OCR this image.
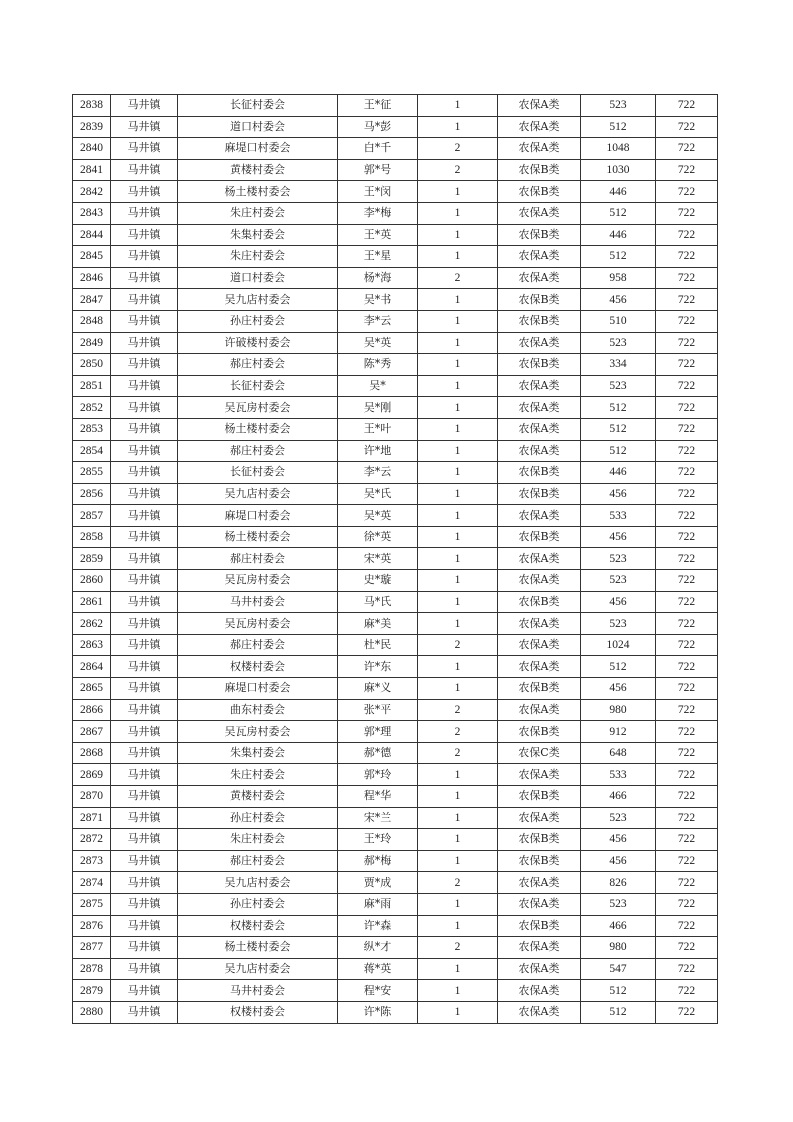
2838	马井镇	长征村委会	王*征	1	农保A类	523	722
2839	马井镇	道口村委会	马*彭	1	农保A类	512	722
2840	马井镇	麻堤口村委会	白*千	2	农保A类	1048	722
2841	马井镇	黄楼村委会	郭*号	2	农保B类	1030	722
2842	马井镇	杨土楼村委会	王*闵	1	农保B类	446	722
2843	马井镇	朱庄村委会	李*梅	1	农保A类	512	722
2844	马井镇	朱集村委会	王*英	1	农保B类	446	722
2845	马井镇	朱庄村委会	王*星	1	农保A类	512	722
2846	马井镇	道口村委会	杨*海	2	农保A类	958	722
2847	马井镇	吴九店村委会	吴*书	1	农保B类	456	722
2848	马井镇	孙庄村委会	李*云	1	农保B类	510	722
2849	马井镇	许破楼村委会	吴*英	1	农保A类	523	722
2850	马井镇	郝庄村委会	陈*秀	1	农保B类	334	722
2851	马井镇	长征村委会	吴*	1	农保A类	523	722
2852	马井镇	吴瓦房村委会	吴*刚	1	农保A类	512	722
2853	马井镇	杨土楼村委会	王*叶	1	农保A类	512	722
2854	马井镇	郝庄村委会	许*地	1	农保A类	512	722
2855	马井镇	长征村委会	李*云	1	农保B类	446	722
2856	马井镇	吴九店村委会	吴*氏	1	农保B类	456	722
2857	马井镇	麻堤口村委会	吴*英	1	农保A类	533	722
2858	马井镇	杨土楼村委会	徐*英	1	农保B类	456	722
2859	马井镇	郝庄村委会	宋*英	1	农保A类	523	722
2860	马井镇	吴瓦房村委会	史*璇	1	农保A类	523	722
2861	马井镇	马井村委会	马*氏	1	农保B类	456	722
2862	马井镇	吴瓦房村委会	麻*美	1	农保A类	523	722
2863	马井镇	郝庄村委会	杜*民	2	农保A类	1024	722
2864	马井镇	权楼村委会	许*东	1	农保A类	512	722
2865	马井镇	麻堤口村委会	麻*义	1	农保B类	456	722
2866	马井镇	曲东村委会	张*平	2	农保A类	980	722
2867	马井镇	吴瓦房村委会	郭*理	2	农保B类	912	722
2868	马井镇	朱集村委会	郝*德	2	农保C类	648	722
2869	马井镇	朱庄村委会	郭*玲	1	农保A类	533	722
2870	马井镇	黄楼村委会	程*华	1	农保B类	466	722
2871	马井镇	孙庄村委会	宋*兰	1	农保A类	523	722
2872	马井镇	朱庄村委会	王*玲	1	农保B类	456	722
2873	马井镇	郝庄村委会	郝*梅	1	农保B类	456	722
2874	马井镇	吴九店村委会	贾*成	2	农保A类	826	722
2875	马井镇	孙庄村委会	麻*雨	1	农保A类	523	722
2876	马井镇	权楼村委会	许*森	1	农保B类	466	722
2877	马井镇	杨土楼村委会	纵*才	2	农保A类	980	722
2878	马井镇	吴九店村委会	蒋*英	1	农保A类	547	722
2879	马井镇	马井村委会	程*安	1	农保A类	512	722
2880	马井镇	权楼村委会	许*陈	1	农保A类	512	722
